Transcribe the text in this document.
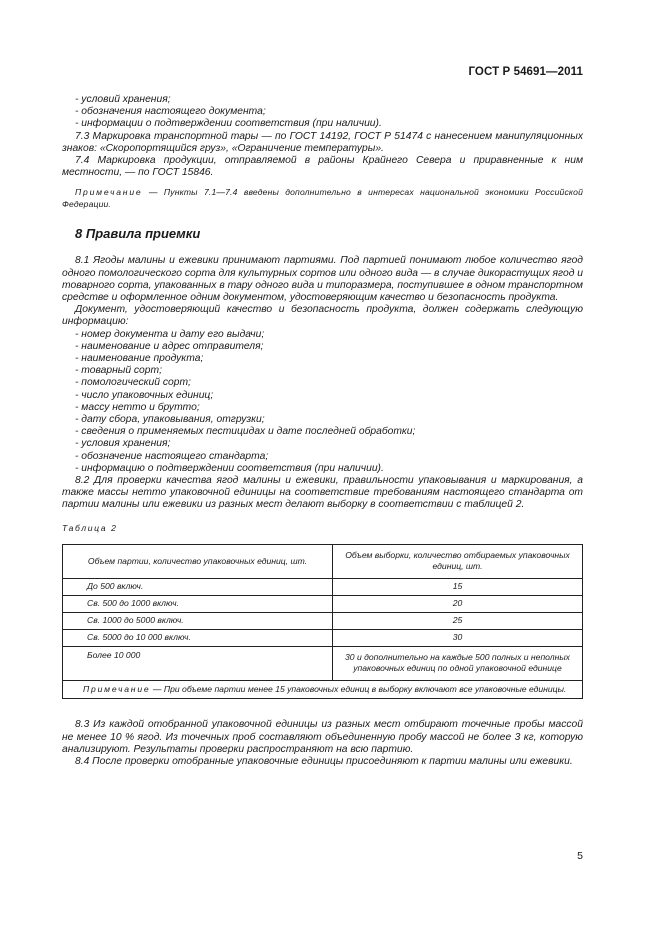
ГОСТ Р 54691—2011
- условий хранения;
- обозначения настоящего документа;
- информации о подтверждении соответствия (при наличии).
7.3 Маркировка транспортной тары — по ГОСТ 14192, ГОСТ Р 51474 с нанесением манипуляционных знаков: «Скоропортящийся груз», «Ограничение температуры».
7.4 Маркировка продукции, отправляемой в районы Крайнего Севера и приравненные к ним местности, — по ГОСТ 15846.
Примечание — Пункты 7.1—7.4 введены дополнительно в интересах национальной экономики Российской Федерации.
8 Правила приемки
8.1 Ягоды малины и ежевики принимают партиями. Под партией понимают любое количество ягод одного помологического сорта для культурных сортов или одного вида — в случае дикорастущих ягод и товарного сорта, упакованных в тару одного вида и типоразмера, поступившее в одном транспортном средстве и оформленное одним документом, удостоверяющим качество и безопасность продукта.
Документ, удостоверяющий качество и безопасность продукта, должен содержать следующую информацию:
- номер документа и дату его выдачи;
- наименование и адрес отправителя;
- наименование продукта;
- товарный сорт;
- помологический сорт;
- число упаковочных единиц;
- массу нетто и брутто;
- дату сбора, упаковывания, отгрузки;
- сведения о применяемых пестицидах и дате последней обработки;
- условия хранения;
- обозначение настоящего стандарта;
- информацию о подтверждении соответствия (при наличии).
8.2 Для проверки качества ягод малины и ежевики, правильности упаковывания и маркирования, а также массы нетто упаковочной единицы на соответствие требованиям настоящего стандарта от партии малины или ежевики из разных мест делают выборку в соответствии с таблицей 2.
Таблица 2
Объем партии, количество упаковочных единиц, шт.	Объем выборки, количество отбираемых упаковочных единиц, шт.
До 500 включ.	15
Св. 500 до 1000 включ.	20
Св. 1000 до 5000 включ.	25
Св. 5000 до 10 000 включ.	30
Более 10 000	30 и дополнительно на каждые 500 полных и неполных упаковочных единиц по одной упаковочной единице
Примечание — При объеме партии менее 15 упаковочных единиц в выборку включают все упаковочные единицы.	
8.3 Из каждой отобранной упаковочной единицы из разных мест отбирают точечные пробы массой не менее 10 % ягод. Из точечных проб составляют объединенную пробу массой не более 3 кг, которую анализируют. Результаты проверки распространяют на всю партию.
8.4 После проверки отобранные упаковочные единицы присоединяют к партии малины или ежевики.
5
